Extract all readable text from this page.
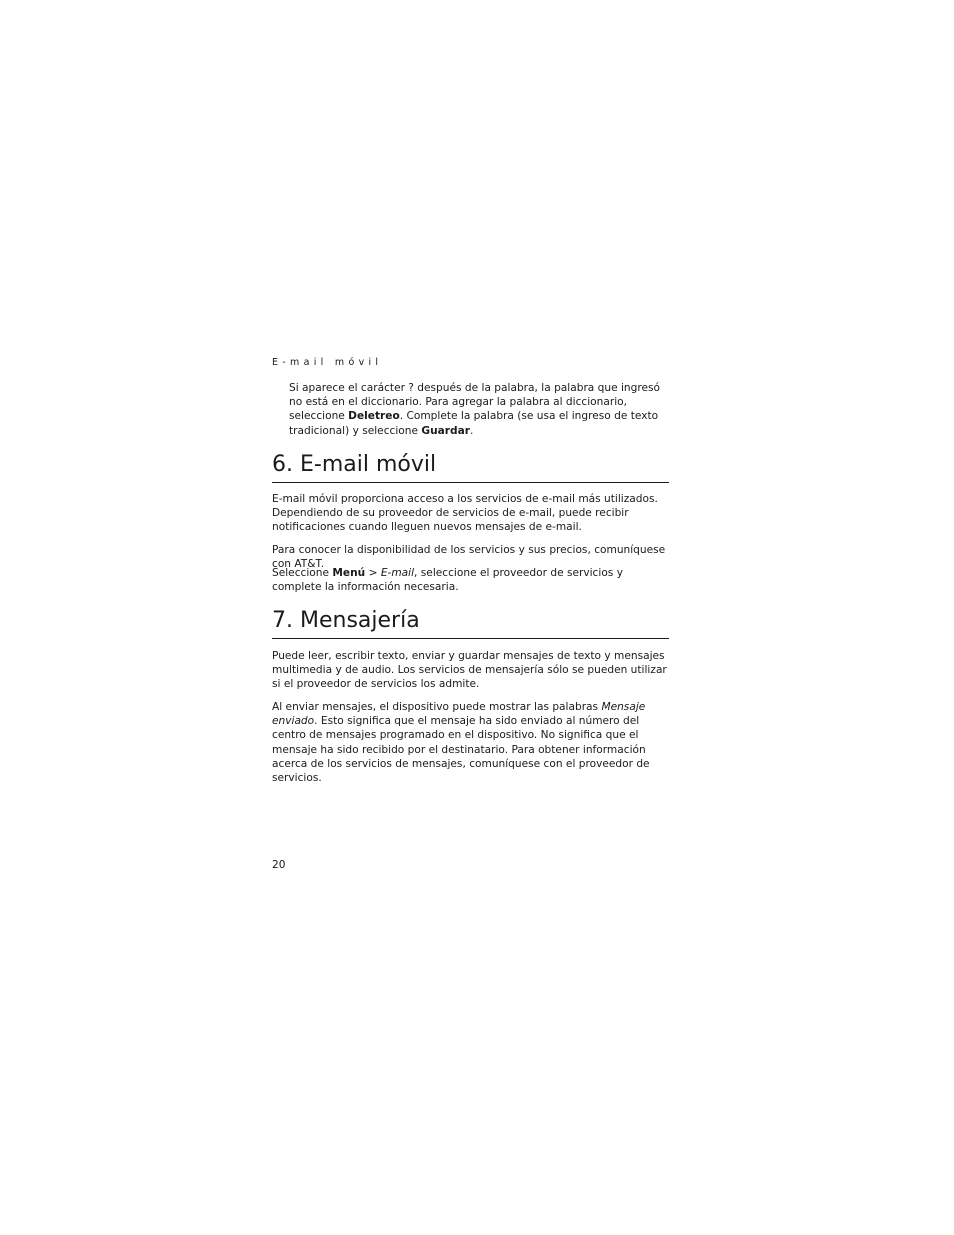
E-mail móvil

Si aparece el carácter ? después de la palabra, la palabra que ingresó no está en el diccionario. Para agregar la palabra al diccionario, seleccione Deletreo. Complete la palabra (se usa el ingreso de texto tradicional) y seleccione Guardar.

6. E-mail móvil

E-mail móvil proporciona acceso a los servicios de e-mail más utilizados. Dependiendo de su proveedor de servicios de e-mail, puede recibir notificaciones cuando lleguen nuevos mensajes de e-mail.

Para conocer la disponibilidad de los servicios y sus precios, comuníquese con AT&T.

Seleccione Menú > E-mail, seleccione el proveedor de servicios y complete la información necesaria.

7. Mensajería

Puede leer, escribir texto, enviar y guardar mensajes de texto y mensajes multimedia y de audio. Los servicios de mensajería sólo se pueden utilizar si el proveedor de servicios los admite.

Al enviar mensajes, el dispositivo puede mostrar las palabras Mensaje enviado. Esto significa que el mensaje ha sido enviado al número del centro de mensajes programado en el dispositivo. No significa que el mensaje ha sido recibido por el destinatario. Para obtener información acerca de los servicios de mensajes, comuníquese con el proveedor de servicios.

20
